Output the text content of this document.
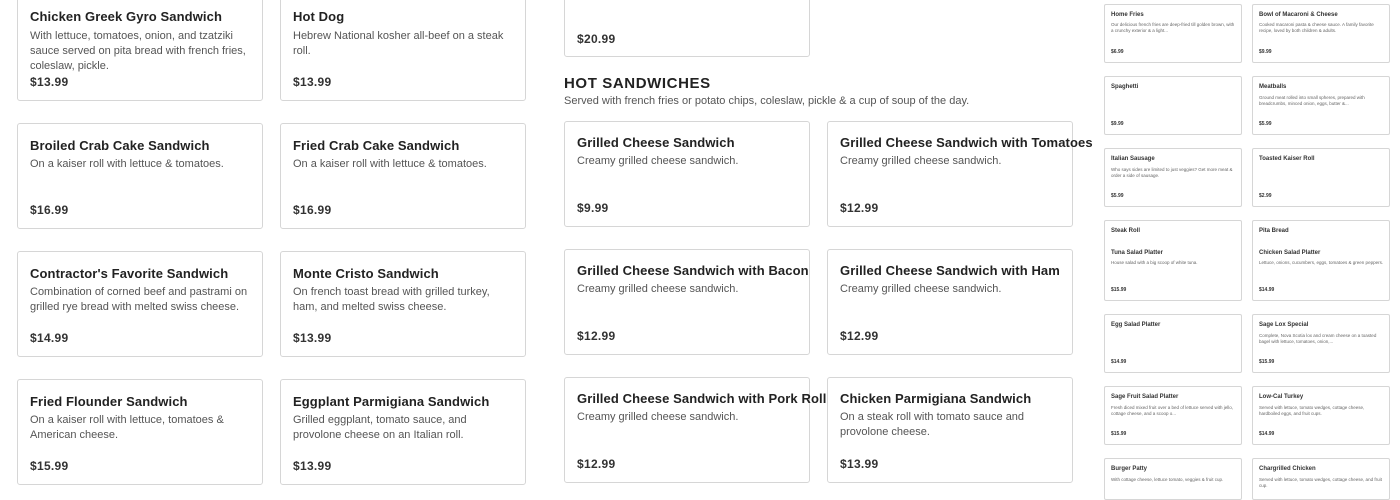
Chicken Greek Gyro Sandwich
With lettuce, tomatoes, onion, and tzatziki sauce served on pita bread with french fries, coleslaw, pickle.
$13.99
Hot Dog
Hebrew National kosher all-beef on a steak roll.
$13.99
Broiled Crab Cake Sandwich
On a kaiser roll with lettuce & tomatoes.
$16.99
Fried Crab Cake Sandwich
On a kaiser roll with lettuce & tomatoes.
$16.99
Contractor's Favorite Sandwich
Combination of corned beef and pastrami on grilled rye bread with melted swiss cheese.
$14.99
Monte Cristo Sandwich
On french toast bread with grilled turkey, ham, and melted swiss cheese.
$13.99
Fried Flounder Sandwich
On a kaiser roll with lettuce, tomatoes & American cheese.
$15.99
Eggplant Parmigiana Sandwich
Grilled eggplant, tomato sauce, and provolone cheese on an Italian roll.
$13.99
$20.99
HOT SANDWICHES
Served with french fries or potato chips, coleslaw, pickle & a cup of soup of the day.
Grilled Cheese Sandwich
Creamy grilled cheese sandwich.
$9.99
Grilled Cheese Sandwich with Tomatoes
Creamy grilled cheese sandwich.
$12.99
Grilled Cheese Sandwich with Bacon
Creamy grilled cheese sandwich.
$12.99
Grilled Cheese Sandwich with Ham
Creamy grilled cheese sandwich.
$12.99
Grilled Cheese Sandwich with Pork Roll
Creamy grilled cheese sandwich.
$12.99
Chicken Parmigiana Sandwich
On a steak roll with tomato sauce and provolone cheese.
$13.99
Home Fries
Our delicious french fries are deep-fried till golden brown, with a crunchy exterior & a light...
$6.99
Bowl of Macaroni & Cheese
Cooked macaroni pasta & cheese sauce. A family favorite recipe, loved by both children & adults.
$9.99
Spaghetti
$9.99
Meatballs
Ground meat rolled into small spheres, prepared with breadcrumbs, minced onion, eggs, butter &...
$5.99
Italian Sausage
Who says sides are limited to just veggies? Get more meat & order a side of sausage.
$5.99
Toasted Kaiser Roll
$2.99
Steak Roll
Tuna Salad Platter
House salad with a big scoop of white tuna.
$15.99
Pita Bread
Chicken Salad Platter
Lettuce, onions, cucumbers, eggs, tomatoes & green peppers.
$14.99
Egg Salad Platter
$14.99
Sage Lox Special
Complete, Nova Scotia lox and cream cheese on a toasted bagel with lettuce, tomatoes, onion,...
$15.99
Sage Fruit Salad Platter
Fresh diced mixed fruit over a bed of lettuce served with jello, cottage cheese, and a scoop o...
$15.99
Low-Cal Turkey
Served with lettuce, tomato wedges, cottage cheese, hardboiled eggs, and fruit cups.
$14.99
Burger Patty
With cottage cheese, lettuce tomato, veggies & fruit cup.
Chargrilled Chicken
Served with lettuce, tomato wedges, cottage cheese, and fruit cup.
